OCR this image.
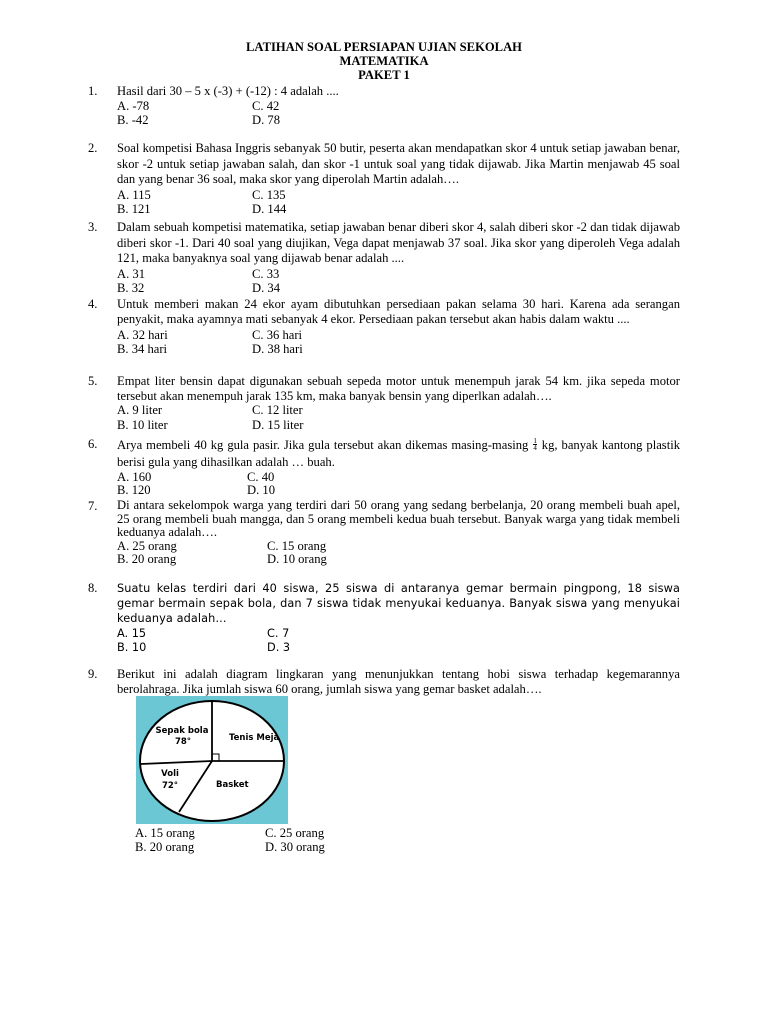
LATIHAN SOAL PERSIAPAN UJIAN SEKOLAH
MATEMATIKA
PAKET 1
1.	Hasil dari 30 – 5 x (-3) + (-12) : 4 adalah ....
A. -78	C. 42
B. -42	D. 78
2.	Soal kompetisi Bahasa Inggris sebanyak 50 butir, peserta akan mendapatkan skor 4 untuk setiap jawaban benar, skor -2 untuk setiap jawaban salah, dan skor -1 untuk soal yang tidak dijawab. Jika Martin menjawab 45 soal dan yang benar 36 soal, maka skor yang diperolah Martin adalah….
A. 115	C. 135
B. 121	D. 144
3.	Dalam sebuah kompetisi matematika, setiap jawaban benar diberi skor 4, salah diberi skor -2 dan tidak dijawab diberi skor -1. Dari 40 soal yang diujikan, Vega dapat menjawab 37 soal. Jika skor yang diperoleh Vega adalah 121, maka banyaknya soal yang dijawab benar adalah ....
A. 31	C. 33
B. 32	D. 34
4.	Untuk memberi makan 24 ekor ayam dibutuhkan persediaan pakan selama 30 hari. Karena ada serangan penyakit, maka ayamnya mati sebanyak 4 ekor. Persediaan pakan tersebut akan habis dalam waktu ....
A. 32 hari	C. 36 hari
B. 34 hari	D. 38 hari
5.	Empat liter bensin dapat digunakan sebuah sepeda motor untuk menempuh jarak 54 km. jika sepeda motor tersebut akan menempuh jarak 135 km, maka banyak bensin yang diperlkan adalah….
A. 9 liter	C. 12 liter
B. 10 liter	D. 15 liter
6.	Arya membeli 40 kg gula pasir. Jika gula tersebut akan dikemas $masing-masing \frac{1}{4}$ kg, banyak kantong plastik berisi gula yang dihasilkan adalah … buah.
A. 160	C. 40
B. 120	D. 10
7.	Di antara sekelompok warga yang terdiri dari 50 orang yang sedang berbelanja, 20 orang membeli buah apel, 25 orang membeli buah mangga, dan 5 orang membeli kedua buah tersebut. Banyak warga yang tidak membeli keduanya adalah….
A. 25 orang	C. 15 orang
B. 20 orang	D. 10 orang
8.	Suatu kelas terdiri dari 40 siswa, 25 siswa di antaranya gemar bermain pingpong, 18 siswa gemar bermain sepak bola, dan 7 siswa tidak menyukai keduanya. Banyak siswa yang menyukai keduanya adalah...
A. 15	C. 7
B. 10	D. 3
9.	Berikut ini adalah diagram lingkaran yang menunjukkan tentang hobi siswa terhadap kegemarannya berolahraga. Jika jumlah siswa 60 orang, jumlah siswa yang gemar basket adalah….
Sepak bola
78°	Tenis Meja
Basket
Voli
72°
A. 15 orang	C. 25 orang
B. 20 orang	D. 30 orang
